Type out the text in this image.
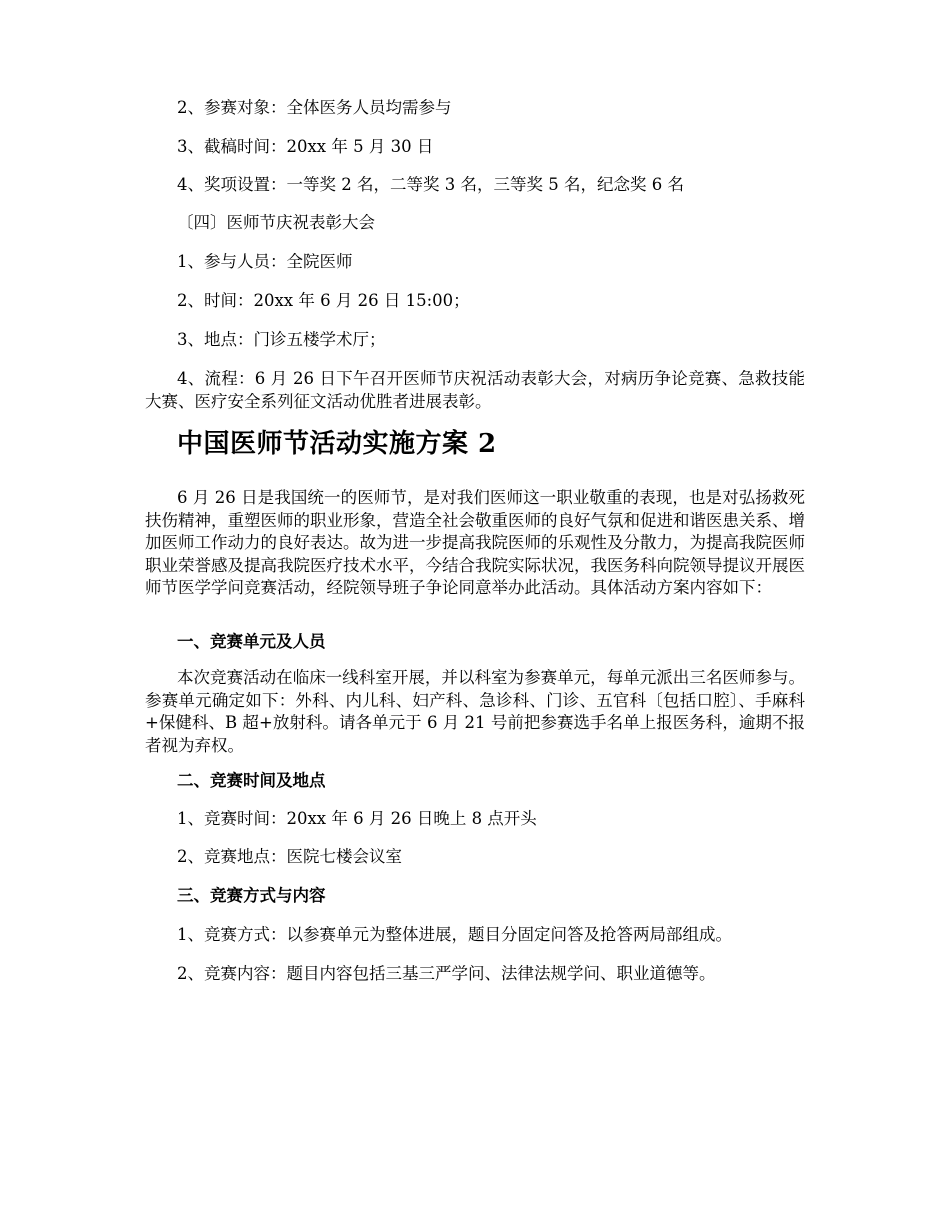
2、参赛对象：全体医务人员均需参与
3、截稿时间：20xx 年 5 月 30 日
4、奖项设置：一等奖 2 名，二等奖 3 名，三等奖 5 名，纪念奖 6 名
〔四〕医师节庆祝表彰大会
1、参与人员：全院医师
2、时间：20xx 年 6 月 26 日 15:00；
3、地点：门诊五楼学术厅；

4、流程：6 月 26 日下午召开医师节庆祝活动表彰大会，对病历争论竞赛、急救技能大赛、医疗安全系列征文活动优胜者进展表彰。

中国医师节活动实施方案 2

6 月 26 日是我国统一的医师节，是对我们医师这一职业敬重的表现，也是对弘扬救死扶伤精神，重塑医师的职业形象，营造全社会敬重医师的良好气氛和促进和谐医患关系、增加医师工作动力的良好表达。故为进一步提高我院医师的乐观性及分散力，为提高我院医师职业荣誉感及提高我院医疗技术水平，今结合我院实际状况，我医务科向院领导提议开展医师节医学学问竞赛活动，经院领导班子争论同意举办此活动。具体活动方案内容如下：

一、竞赛单元及人员

本次竞赛活动在临床一线科室开展，并以科室为参赛单元，每单元派出三名医师参与。参赛单元确定如下：外科、内儿科、妇产科、急诊科、门诊、五官科〔包括口腔〕、手麻科+保健科、B 超+放射科。请各单元于 6 月 21 号前把参赛选手名单上报医务科，逾期不报者视为弃权。

二、竞赛时间及地点
1、竞赛时间：20xx 年 6 月 26 日晚上 8 点开头
2、竞赛地点：医院七楼会议室
三、竞赛方式与内容
1、竞赛方式：以参赛单元为整体进展，题目分固定问答及抢答两局部组成。
2、竞赛内容：题目内容包括三基三严学问、法律法规学问、职业道德等。
